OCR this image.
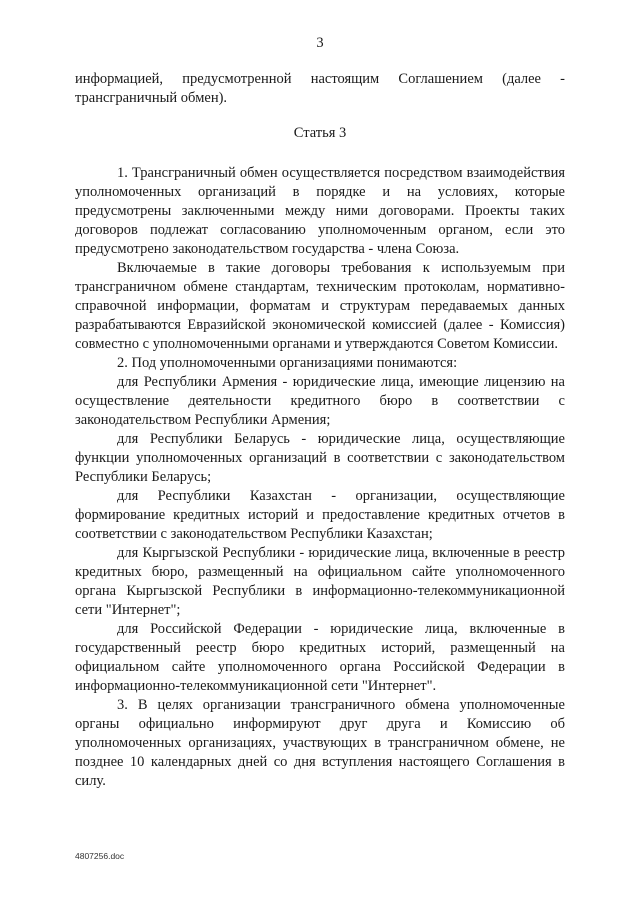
3

информацией, предусмотренной настоящим Соглашением (далее - трансграничный обмен).

Статья 3

1. Трансграничный обмен осуществляется посредством взаимодействия уполномоченных организаций в порядке и на условиях, которые предусмотрены заключенными между ними договорами. Проекты таких договоров подлежат согласованию уполномоченным органом, если это предусмотрено законодательством государства - члена Союза.

Включаемые в такие договоры требования к используемым при трансграничном обмене стандартам, техническим протоколам, нормативно-справочной информации, форматам и структурам передаваемых данных разрабатываются Евразийской экономической комиссией (далее - Комиссия) совместно с уполномоченными органами и утверждаются Советом Комиссии.

2. Под уполномоченными организациями понимаются:

для Республики Армения - юридические лица, имеющие лицензию на осуществление деятельности кредитного бюро в соответствии с законодательством Республики Армения;

для Республики Беларусь - юридические лица, осуществляющие функции уполномоченных организаций в соответствии с законодательством Республики Беларусь;

для Республики Казахстан - организации, осуществляющие формирование кредитных историй и предоставление кредитных отчетов в соответствии с законодательством Республики Казахстан;

для Кыргызской Республики - юридические лица, включенные в реестр кредитных бюро, размещенный на официальном сайте уполномоченного органа Кыргызской Республики в информационно-телекоммуникационной сети "Интернет";

для Российской Федерации - юридические лица, включенные в государственный реестр бюро кредитных историй, размещенный на официальном сайте уполномоченного органа Российской Федерации в информационно-телекоммуникационной сети "Интернет".

3. В целях организации трансграничного обмена уполномоченные органы официально информируют друг друга и Комиссию об уполномоченных организациях, участвующих в трансграничном обмене, не позднее 10 календарных дней со дня вступления настоящего Соглашения в силу.

4807256.doc
